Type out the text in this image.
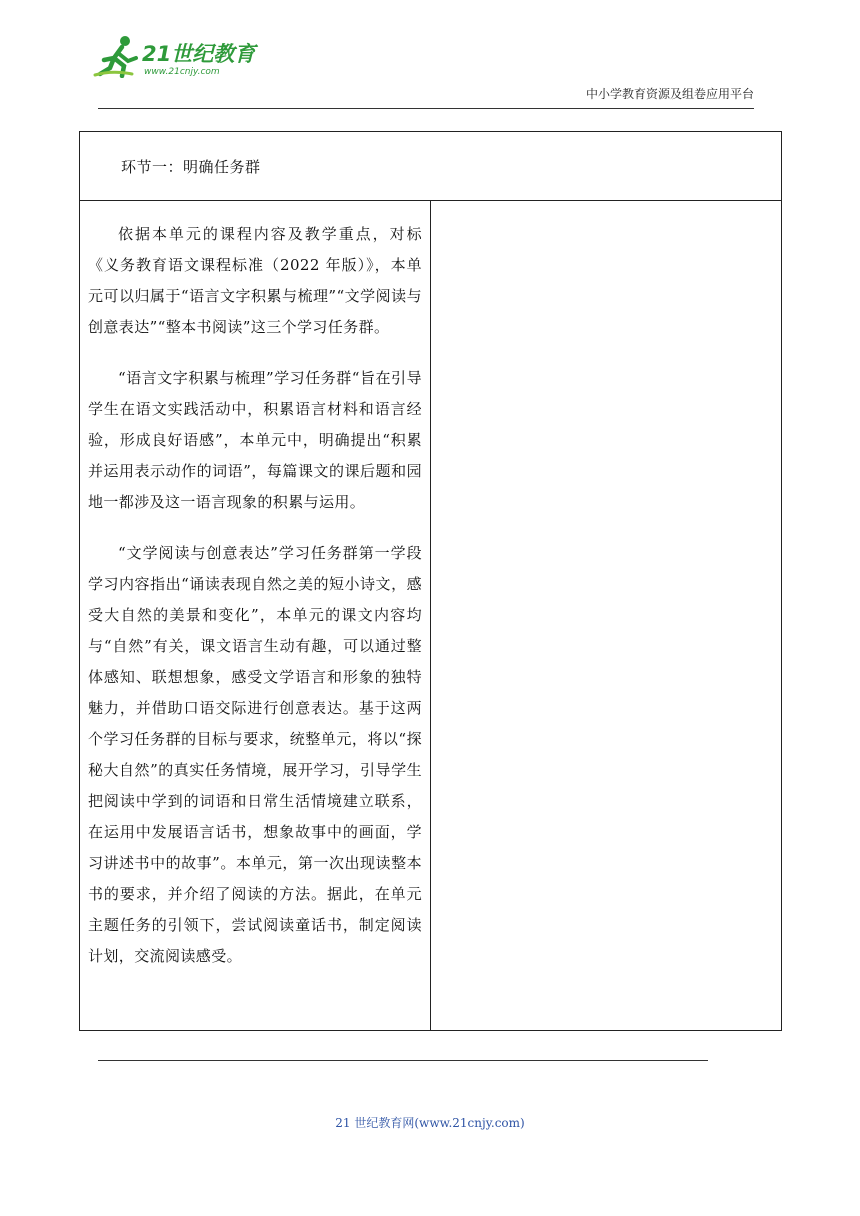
21世纪教育
www.21cnjy.com
中小学教育资源及组卷应用平台
环节一：明确任务群

依据本单元的课程内容及教学重点，对标《义务教育语文课程标准（2022 年版）》，本单元可以归属于“语言文字积累与梳理”“文学阅读与创意表达”“整本书阅读”这三个学习任务群。

“语言文字积累与梳理”学习任务群“旨在引导学生在语文实践活动中，积累语言材料和语言经验，形成良好语感”，本单元中，明确提出“积累并运用表示动作的词语”，每篇课文的课后题和园地一都涉及这一语言现象的积累与运用。

“文学阅读与创意表达”学习任务群第一学段学习内容指出“诵读表现自然之美的短小诗文，感受大自然的美景和变化”，本单元的课文内容均与“自然”有关，课文语言生动有趣，可以通过整体感知、联想想象，感受文学语言和形象的独特魅力，并借助口语交际进行创意表达。基于这两个学习任务群的目标与要求，统整单元，将以“探秘大自然”的真实任务情境，展开学习，引导学生把阅读中学到的词语和日常生活情境建立联系，在运用中发展语言话书，想象故事中的画面，学习讲述书中的故事”。本单元，第一次出现读整本书的要求，并介绍了阅读的方法。据此，在单元主题任务的引领下，尝试阅读童话书，制定阅读计划，交流阅读感受。

21 世纪教育网(www.21cnjy.com)
